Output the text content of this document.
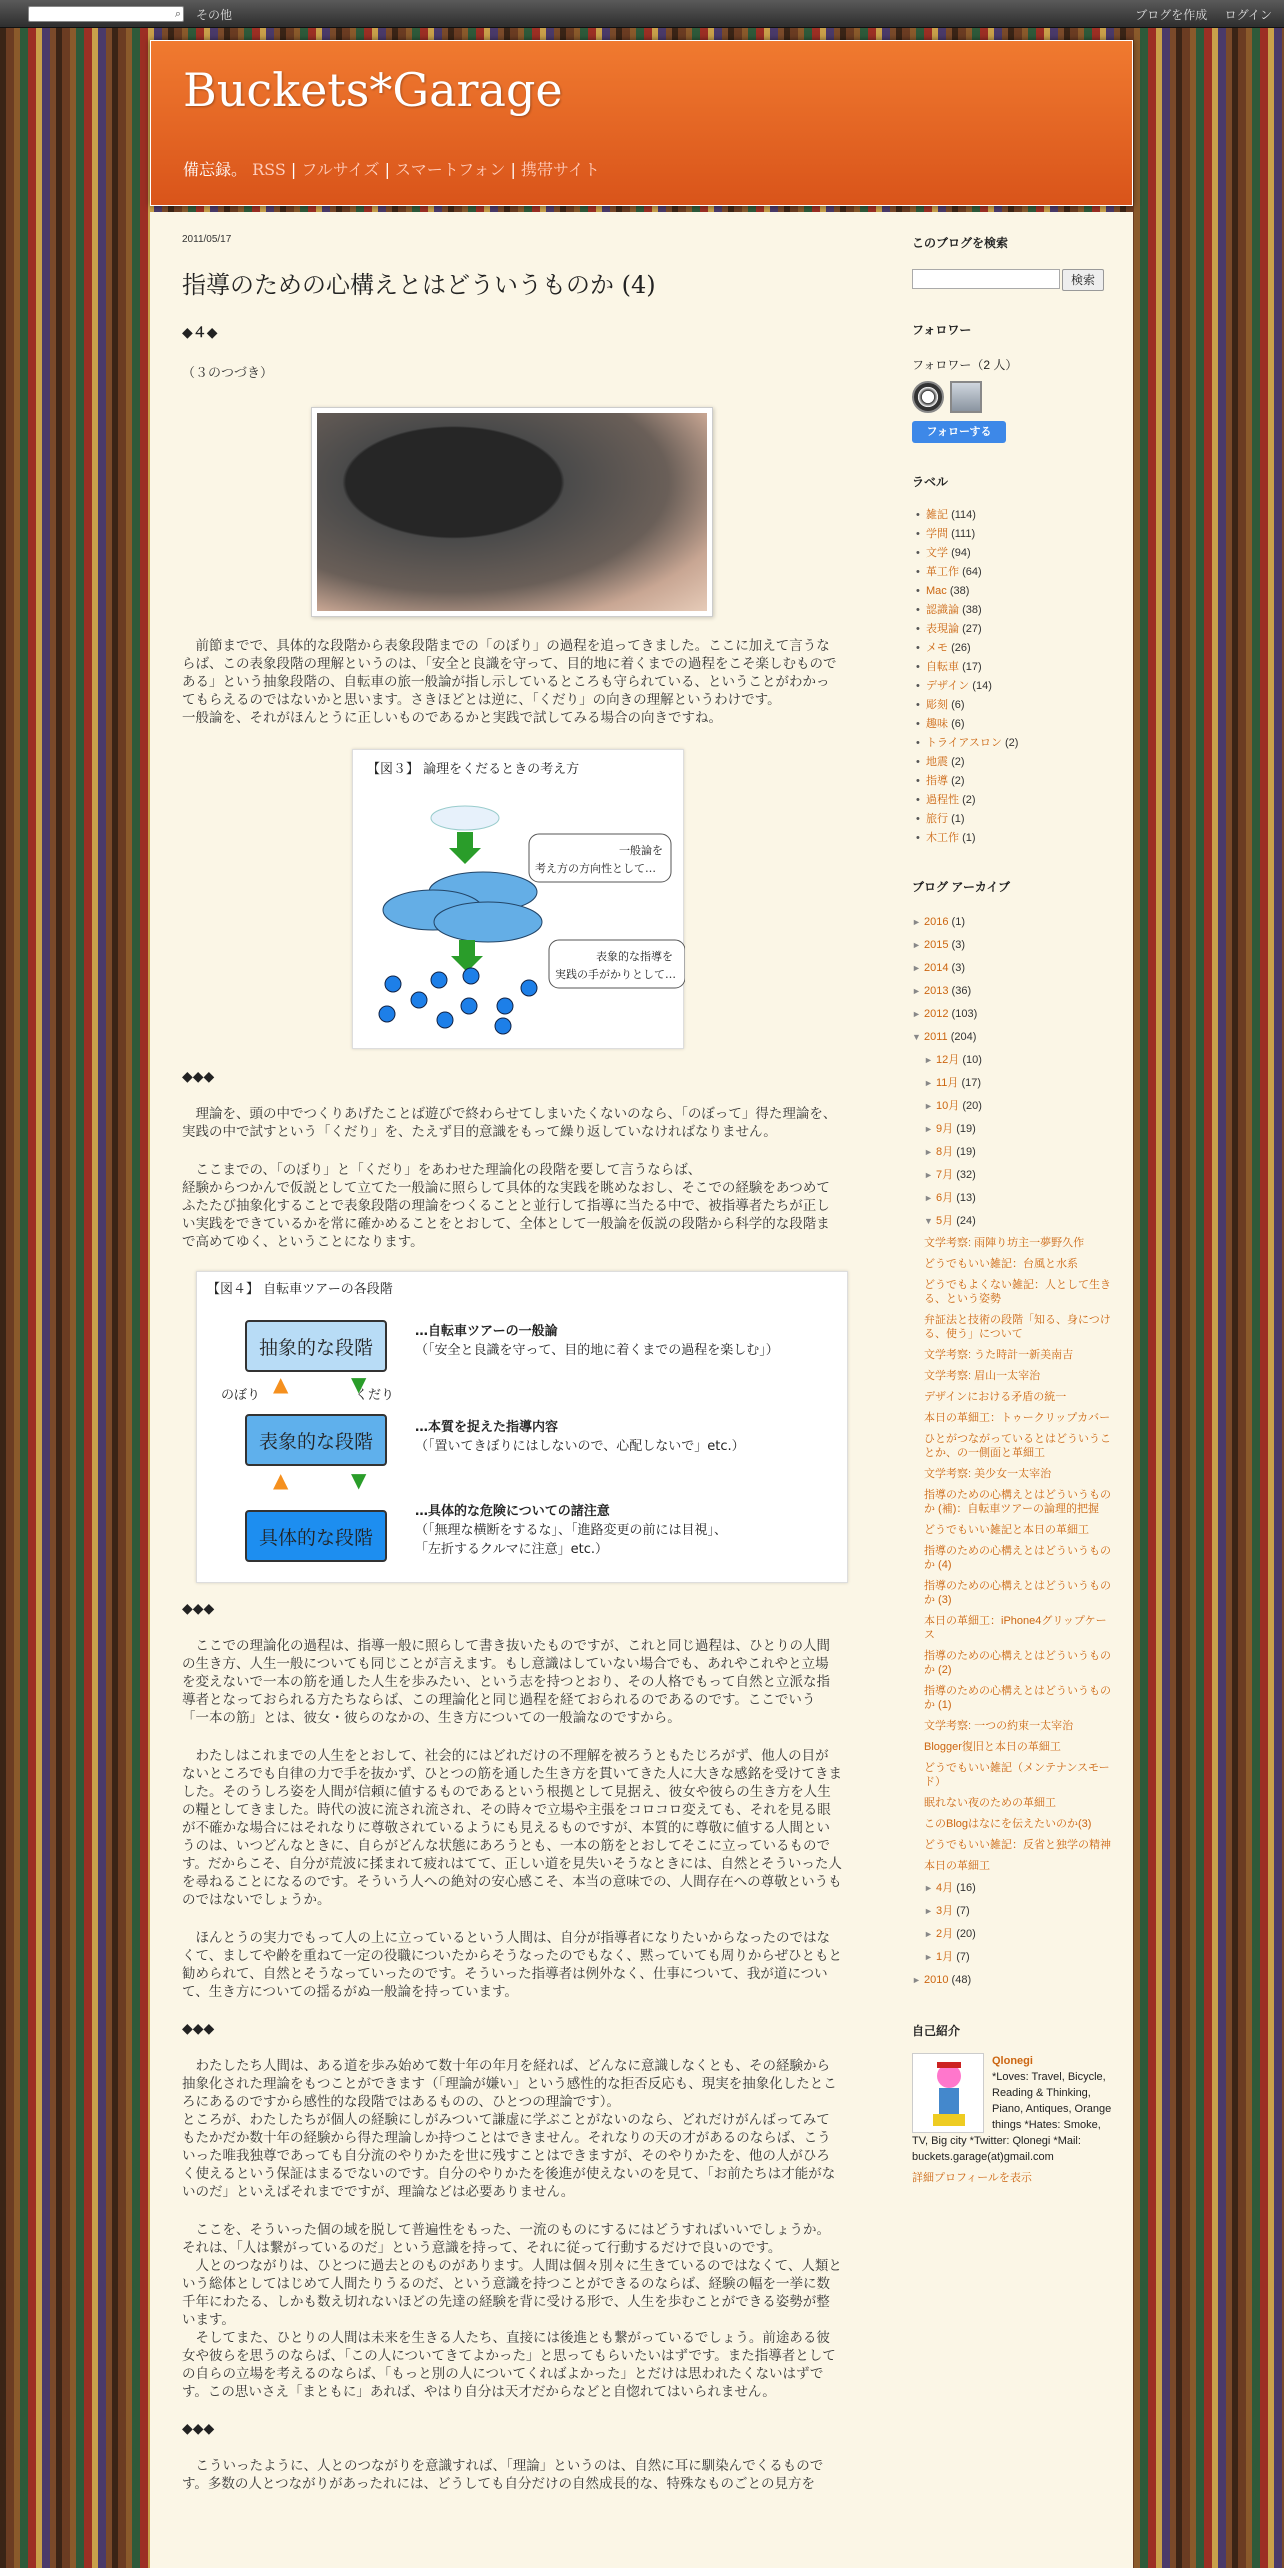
⌕ その他	ブログを作成 ログイン
Buckets*Garage
備忘録。 RSS | フルサイズ | スマートフォン | 携帯サイト
2011/05/17
指導のための心構えとはどういうものか (4)
◆４◆
（３のつづき）
　前節までで、具体的な段階から表象段階までの「のぼり」の過程を追ってきました。ここに加えて言うならば、この表象段階の理解というのは、「安全と良識を守って、目的地に着くまでの過程をこそ楽しむものである」という抽象段階の、自転車の旅一般論が指し示しているところも守られている、ということがわかってもらえるのではないかと思います。さきほどとは逆に、「くだり」の向きの理解というわけです。
一般論を、それがほんとうに正しいものであるかと実践で試してみる場合の向きですね。
【図３】 論理をくだるときの考え方
一般論を
考え方の方向性として…
表象的な指導を
実践の手がかりとして…
◆◆◆
　理論を、頭の中でつくりあげたことば遊びで終わらせてしまいたくないのなら、「のぼって」得た理論を、実践の中で試すという「くだり」を、たえず目的意識をもって繰り返していなければなりません。
　ここまでの、「のぼり」と「くだり」をあわせた理論化の段階を要して言うならば、
経験からつかんで仮説として立てた一般論に照らして具体的な実践を眺めなおし、そこでの経験をあつめてふたたび抽象化することで表象段階の理論をつくることと並行して指導に当たる中で、被指導者たちが正しい実践をできているかを常に確かめることをとおして、全体として一般論を仮説の段階から科学的な段階まで高めてゆく、ということになります。
【図４】 自転車ツアーの各段階
抽象的な段階
表象的な段階
具体的な段階
▲	▼
▲	▼
のぼり	くだり
…自転車ツアーの一般論
（「安全と良識を守って、目的地に着くまでの過程を楽しむ」）
…本質を捉えた指導内容
（「置いてきぼりにはしないので、心配しないで」etc.）
…具体的な危険についての諸注意
（「無理な横断をするな」、「進路変更の前には目視」、
「左折するクルマに注意」etc.）
◆◆◆
　ここでの理論化の過程は、指導一般に照らして書き抜いたものですが、これと同じ過程は、ひとりの人間の生き方、人生一般についても同じことが言えます。もし意識はしていない場合でも、あれやこれやと立場を変えないで一本の筋を通した人生を歩みたい、という志を持つとおり、その人格でもって自然と立派な指導者となっておられる方たちならば、この理論化と同じ過程を経ておられるのであるのです。ここでいう「一本の筋」とは、彼女・彼らのなかの、生き方についての一般論なのですから。
　わたしはこれまでの人生をとおして、社会的にはどれだけの不理解を被ろうともたじろがず、他人の目がないところでも自律の力で手を抜かず、ひとつの筋を通した生き方を貫いてきた人に大きな感銘を受けてきました。そのうしろ姿を人間が信頼に値するものであるという根拠として見据え、彼女や彼らの生き方を人生の糧としてきました。時代の波に流され流され、その時々で立場や主張をコロコロ変えても、それを見る眼が不確かな場合にはそれなりに尊敬されているようにも見えるものですが、本質的に尊敬に値する人間というのは、いつどんなときに、自らがどんな状態にあろうとも、一本の筋をとおしてそこに立っているものです。だからこそ、自分が荒波に揉まれて疲れはてて、正しい道を見失いそうなときには、自然とそういった人を尋ねることになるのです。そういう人への絶対の安心感こそ、本当の意味での、人間存在への尊敬というものではないでしょうか。
　ほんとうの実力でもって人の上に立っているという人間は、自分が指導者になりたいからなったのではなくて、ましてや齢を重ねて一定の役職についたからそうなったのでもなく、黙っていても周りからぜひともと勧められて、自然とそうなっていったのです。そういった指導者は例外なく、仕事について、我が道について、生き方についての揺るがぬ一般論を持っています。
◆◆◆
　わたしたち人間は、ある道を歩み始めて数十年の年月を経れば、どんなに意識しなくとも、その経験から抽象化された理論をもつことができます（「理論が嫌い」という感性的な拒否反応も、現実を抽象化したところにあるのですから感性的な段階ではあるものの、ひとつの理論です）。
ところが、わたしたちが個人の経験にしがみついて謙虚に学ぶことがないのなら、どれだけがんばってみてもたかだか数十年の経験から得た理論しか持つことはできません。それなりの天の才があるのならば、こういった唯我独尊であっても自分流のやりかたを世に残すことはできますが、そのやりかたを、他の人がひろく使えるという保証はまるでないのです。自分のやりかたを後進が使えないのを見て、「お前たちは才能がないのだ」といえばそれまでですが、理論などは必要ありません。
　ここを、そういった個の域を脱して普遍性をもった、一流のものにするにはどうすればいいでしょうか。それは、「人は繋がっているのだ」という意識を持って、それに従って行動するだけで良いのです。
　人とのつながりは、ひとつに過去とのものがあります。人間は個々別々に生きているのではなくて、人類という総体としてはじめて人間たりうるのだ、という意識を持つことができるのならば、経験の幅を一挙に数千年にわたる、しかも数え切れないほどの先達の経験を背に受ける形で、人生を歩むことができる姿勢が整います。
　そしてまた、ひとりの人間は未来を生きる人たち、直接には後進とも繋がっているでしょう。前途ある彼女や彼らを思うのならば、「この人についてきてよかった」と思ってもらいたいはずです。また指導者としての自らの立場を考えるのならば、「もっと別の人についてくればよかった」とだけは思われたくないはずです。この思いさえ「まともに」あれば、やはり自分は天才だからなどと自惚れてはいられません。
◆◆◆
　こういったように、人とのつながりを意識すれば、「理論」というのは、自然に耳に馴染んでくるものです。多数の人とつながりがあったれには、どうしても自分だけの自然成長的な、特殊なものごとの見方を
このブログを検索
検索
フォロワー
フォロワー（2 人）
フォローする
ラベル
• 雑記 (114)
• 学問 (111)
• 文学 (94)
• 革工作 (64)
• Mac (38)
• 認識論 (38)
• 表現論 (27)
• メモ (26)
• 自転車 (17)
• デザイン (14)
• 彫刻 (6)
• 趣味 (6)
• トライアスロン (2)
• 地震 (2)
• 指導 (2)
• 過程性 (2)
• 旅行 (1)
• 木工作 (1)
ブログ アーカイブ
► 2016 (1)
► 2015 (3)
► 2014 (3)
► 2013 (36)
► 2012 (103)
▼ 2011 (204)
► 12月 (10)
► 11月 (17)
► 10月 (20)
► 9月 (19)
► 8月 (19)
► 7月 (32)
► 6月 (13)
▼ 5月 (24)
文学考察: 雨陣り坊主一夢野久作
どうでもいい雑記：台風と水系
どうでもよくない雑記：人として生きる、という姿勢
弁証法と技術の段階「知る、身につける、使う」について
文学考察: うた時計一新美南吉
文学考察: 眉山一太宰治
デザインにおける矛盾の統一
本日の革細工：トゥークリップカバー
ひとがつながっているとはどういうことか、の一側面と革細工
文学考察: 美少女一太宰治
指導のための心構えとはどういうものか (補)：自転車ツアーの論理的把握
どうでもいい雑記と本日の革細工
指導のための心構えとはどういうものか (4)
指導のための心構えとはどういうものか (3)
本日の革細工：iPhone4グリップケース
指導のための心構えとはどういうものか (2)
指導のための心構えとはどういうものか (1)
文学考察: 一つの約束一太宰治
Blogger復旧と本日の革細工
どうでもいい雑記（メンテナンスモード）
眠れない夜のための革細工
このBlogはなにを伝えたいのか(3)
どうでもいい雑記：反省と独学の精神
本日の革細工
► 4月 (16)
► 3月 (7)
► 2月 (20)
► 1月 (7)
► 2010 (48)
自己紹介
Qlonegi
*Loves: Travel, Bicycle, Reading & Thinking, Piano, Antiques, Orange things *Hates: Smoke, TV, Big city *Twitter: Qlonegi *Mail: buckets.garage(at)gmail.com
詳細プロフィールを表示
